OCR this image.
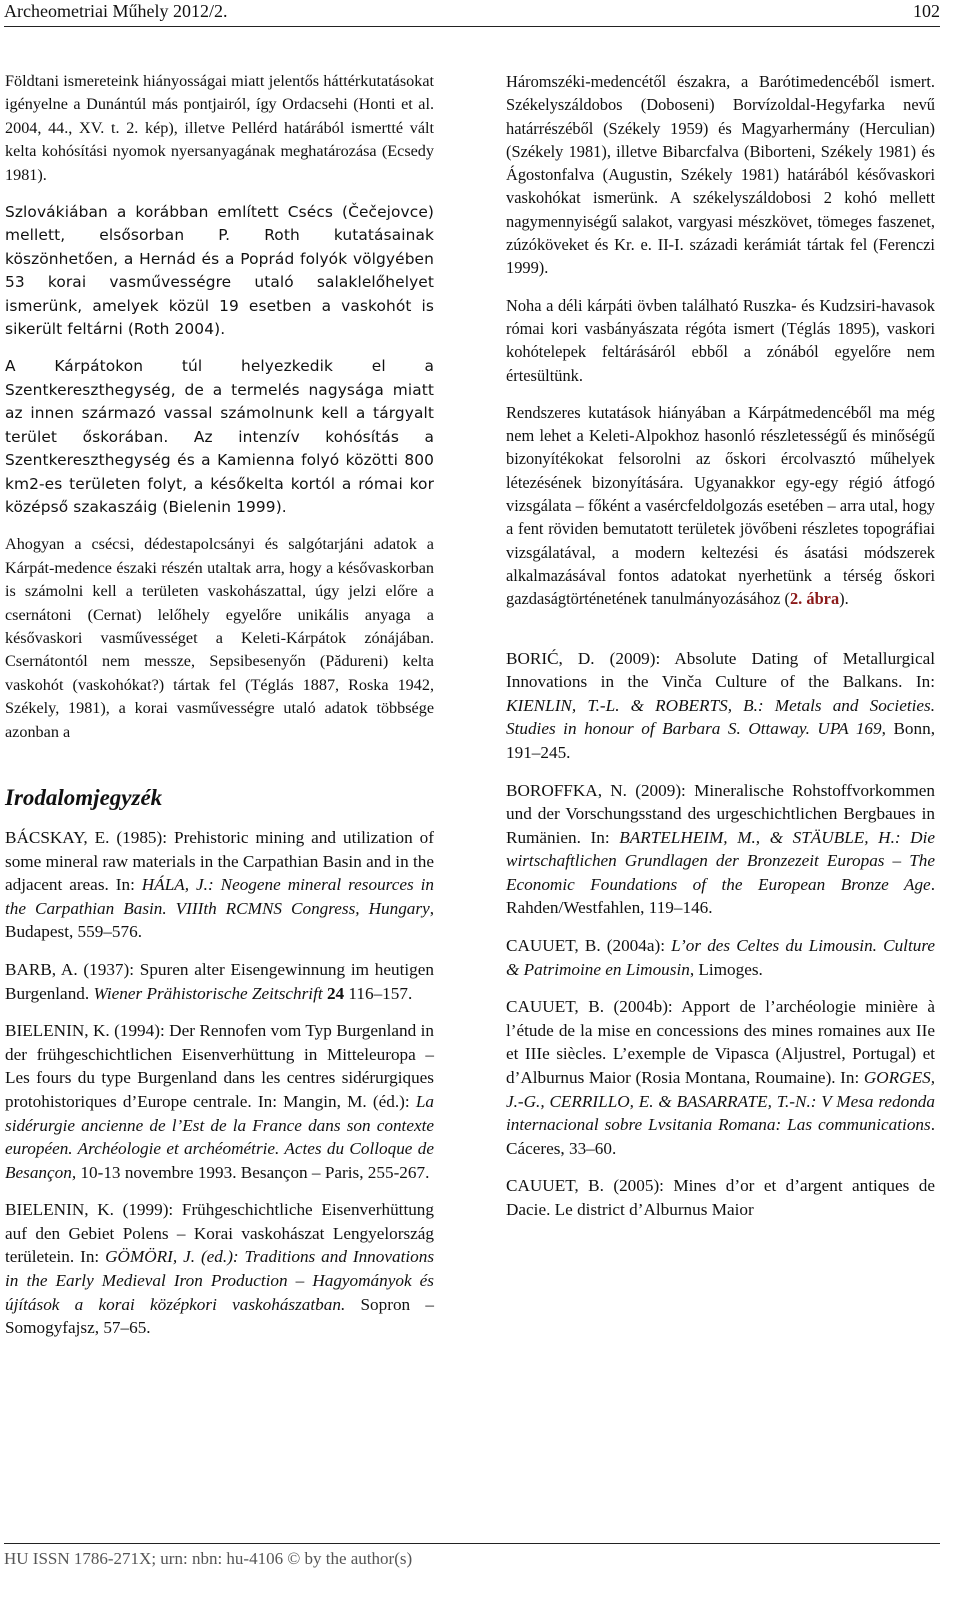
Archeometriai Műhely 2012/2.	102

Földtani ismereteink hiányosságai miatt jelentős háttérkutatásokat igényelne a Dunántúl más pontjairól, így Ordacsehi (Honti et al. 2004, 44., XV. t. 2. kép), illetve Pellérd határából ismertté vált kelta kohósítási nyomok nyersanyagának meghatározása (Ecsedy 1981).

Szlovákiában a korábban említett Csécs (Čečejovce) mellett, elsősorban P. Roth kutatásainak köszönhetően, a Hernád és a Poprád folyók völgyében 53 korai vasművességre utaló salaklelőhelyet ismerünk, amelyek közül 19 esetben a vaskohót is sikerült feltárni (Roth 2004).

A Kárpátokon túl helyezkedik el a Szentkereszthegység, de a termelés nagysága miatt az innen származó vassal számolnunk kell a tárgyalt terület őskorában. Az intenzív kohósítás a Szentkereszthegység és a Kamienna folyó közötti 800 km2-es területen folyt, a későkelta kortól a római kor középső szakaszáig (Bielenin 1999).

Ahogyan a csécsi, dédestapolcsányi és salgótarjáni adatok a Kárpát-medence északi részén utaltak arra, hogy a késővaskorban is számolni kell a területen vaskohászattal, úgy jelzi előre a csernátoni (Cernat) lelőhely egyelőre unikális anyaga a késővaskori vasművességet a Keleti-Kárpátok zónájában. Csernátontól nem messze, Sepsibesenyőn (Pădureni) kelta vaskohót (vaskohókat?) tártak fel (Téglás 1887, Roska 1942, Székely, 1981), a korai vasművességre utaló adatok többsége azonban a

Irodalomjegyzék

BÁCSKAY, E. (1985): Prehistoric mining and utilization of some mineral raw materials in the Carpathian Basin and in the adjacent areas. In: HÁLA, J.: Neogene mineral resources in the Carpathian Basin. VIIIth RCMNS Congress, Hungary, Budapest, 559–576.

BARB, A. (1937): Spuren alter Eisengewinnung im heutigen Burgenland. Wiener Prähistorische Zeitschrift 24 116–157.

BIELENIN, K. (1994): Der Rennofen vom Typ Burgenland in der frühgeschichtlichen Eisenverhüttung in Mitteleuropa – Les fours du type Burgenland dans les centres sidérurgiques protohistoriques d’Europe centrale. In: Mangin, M. (éd.): La sidérurgie ancienne de l’Est de la France dans son contexte européen. Archéologie et archéométrie. Actes du Colloque de Besançon, 10-13 novembre 1993. Besançon – Paris, 255-267.

BIELENIN, K. (1999): Frühgeschichtliche Eisenverhüttung auf den Gebiet Polens – Korai vaskohászat Lengyelország területein. In: GÖMÖRI, J. (ed.): Traditions and Innovations in the Early Medieval Iron Production – Hagyományok és újítások a korai középkori vaskohászatban. Sopron – Somogyfajsz, 57–65.

Háromszéki-medencétől északra, a Barótimedencéből ismert. Székelyszáldobos (Doboseni) Borvízoldal-Hegyfarka nevű határrészéből (Székely 1959) és Magyarhermány (Herculian) (Székely 1981), illetve Bibarcfalva (Biborteni, Székely 1981) és Ágostonfalva (Augustin, Székely 1981) határából késővaskori vaskohókat ismerünk. A székelyszáldobosi 2 kohó mellett nagymennyiségű salakot, vargyasi mészkövet, tömeges faszenet, zúzóköveket és Kr. e. II-I. századi kerámiát tártak fel (Ferenczi 1999).

Noha a déli kárpáti övben található Ruszka- és Kudzsiri-havasok római kori vasbányászata régóta ismert (Téglás 1895), vaskori kohótelepek feltárásáról ebből a zónából egyelőre nem értesültünk.

Rendszeres kutatások hiányában a Kárpátmedencéből ma még nem lehet a Keleti-Alpokhoz hasonló részletességű és minőségű bizonyítékokat felsorolni az őskori ércolvasztó műhelyek létezésének bizonyítására. Ugyanakkor egy-egy régió átfogó vizsgálata – főként a vasércfeldolgozás esetében – arra utal, hogy a fent röviden bemutatott területek jövőbeni részletes topográfiai vizsgálatával, a modern keltezési és ásatási módszerek alkalmazásával fontos adatokat nyerhetünk a térség őskori gazdaságtörténetének tanulmányozásához (2. ábra).

BORIĆ, D. (2009): Absolute Dating of Metallurgical Innovations in the Vinča Culture of the Balkans. In: KIENLIN, T.-L. & ROBERTS, B.: Metals and Societies. Studies in honour of Barbara S. Ottaway. UPA 169, Bonn, 191–245.

BOROFFKA, N. (2009): Mineralische Rohstoffvorkommen und der Vorschungsstand des urgeschichtlichen Bergbaues in Rumänien. In: BARTELHEIM, M., & STÄUBLE, H.: Die wirtschaftlichen Grundlagen der Bronzezeit Europas – The Economic Foundations of the European Bronze Age. Rahden/Westfahlen, 119–146.

CAUUET, B. (2004a): L’or des Celtes du Limousin. Culture & Patrimoine en Limousin, Limoges.

CAUUET, B. (2004b): Apport de l’archéologie minière à l’étude de la mise en concessions des mines romaines aux IIe et IIIe siècles. L’exemple de Vipasca (Aljustrel, Portugal) et d’Alburnus Maior (Rosia Montana, Roumaine). In: GORGES, J.-G., CERRILLO, E. & BASARRATE, T.-N.: V Mesa redonda internacional sobre Lvsitania Romana: Las communications. Cáceres, 33–60.

CAUUET, B. (2005): Mines d’or et d’argent antiques de Dacie. Le district d’Alburnus Maior

HU ISSN 1786-271X; urn: nbn: hu-4106 © by the author(s)
